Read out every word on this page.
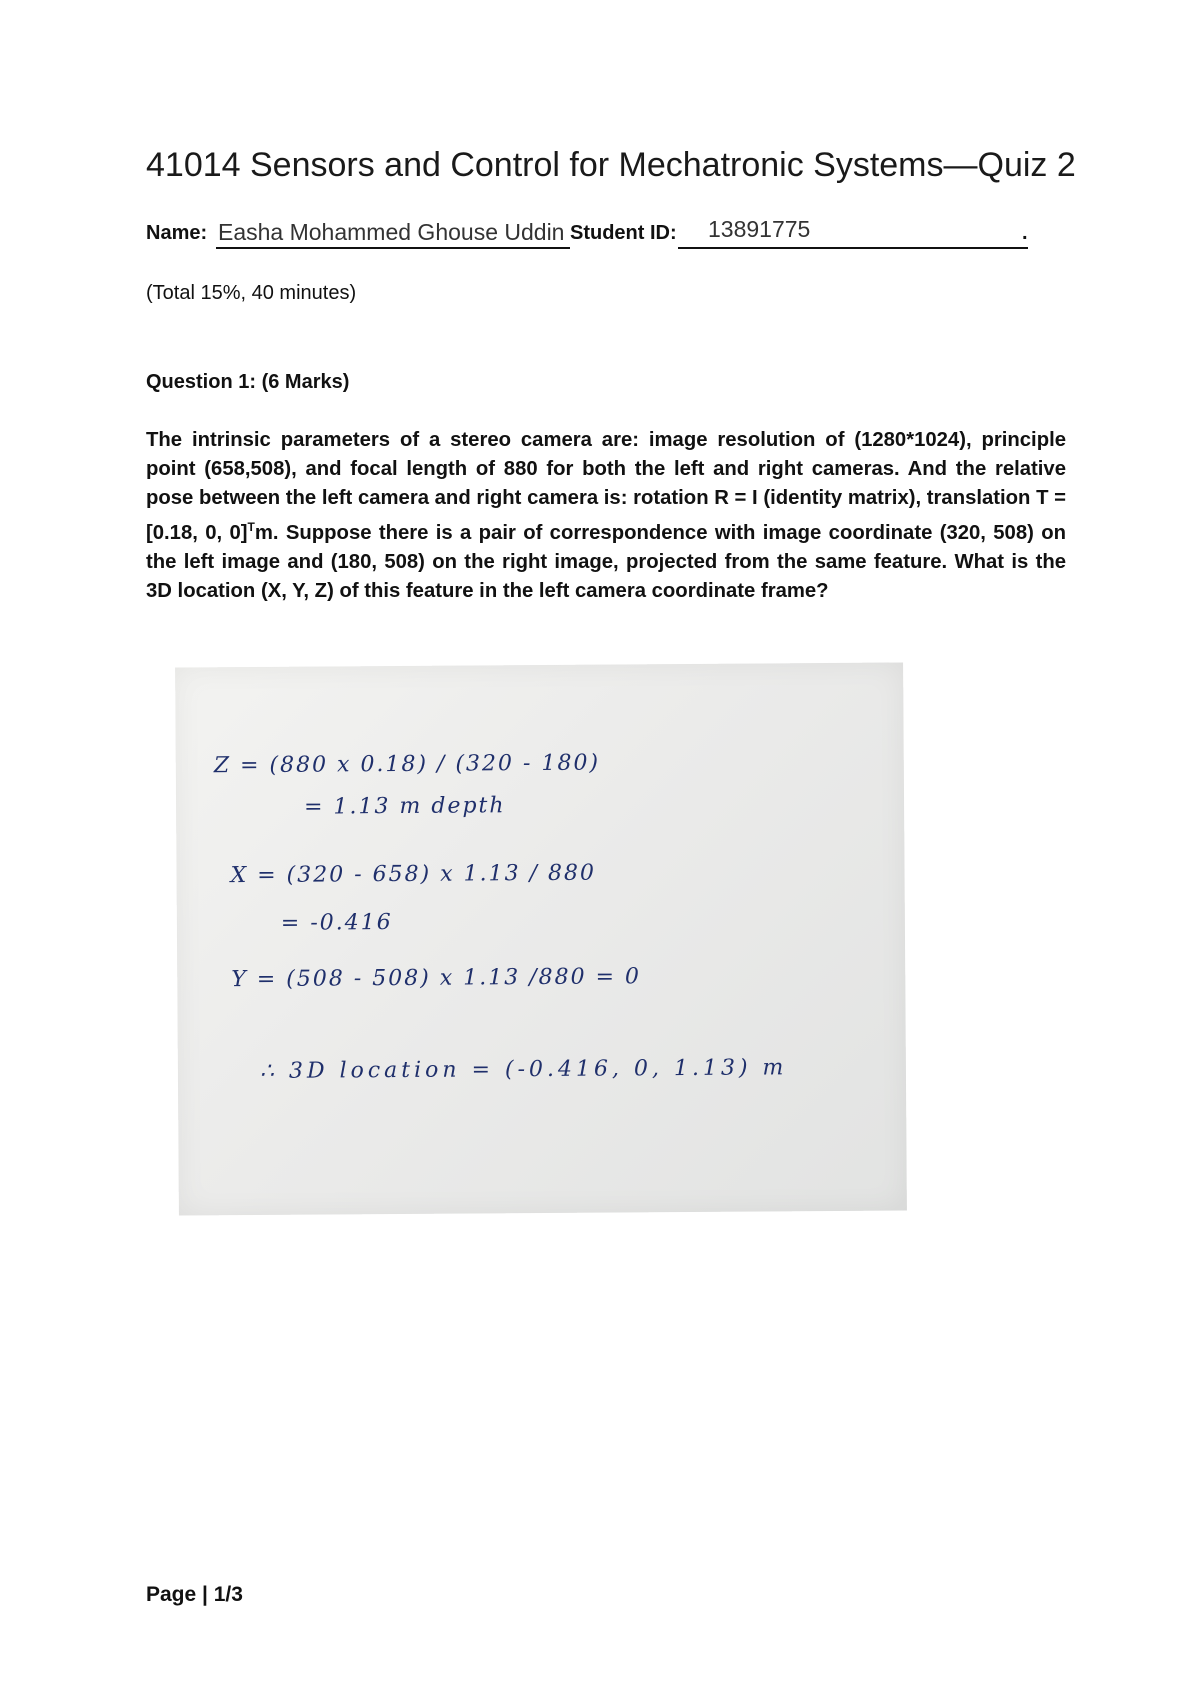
41014 Sensors and Control for Mechatronic Systems—Quiz 2
Name: Easha Mohammed Ghouse Uddin Student ID: 13891775	.
(Total 15%, 40 minutes)
Question 1: (6 Marks)
The intrinsic parameters of a stereo camera are: image resolution of (1280*1024), principle point (658,508), and focal length of 880 for both the left and right cameras. And the relative pose between the left camera and right camera is: rotation R = I (identity matrix), translation T = [0.18, 0, 0]$^T$m. Suppose there is a pair of correspondence with image coordinate (320, 508) on the left image and (180, 508) on the right image, projected from the same feature. What is the 3D location (X, Y, Z) of this feature in the left camera coordinate frame?
Z = (880 x 0.18) / (320 - 180)
= 1.13 m depth
X = (320 - 658) x 1.13 / 880
= -0.416
Y = (508 - 508) x 1.13 /880 = 0
∴ 3D location = (-0.416, 0, 1.13) m
Page | 1/3
